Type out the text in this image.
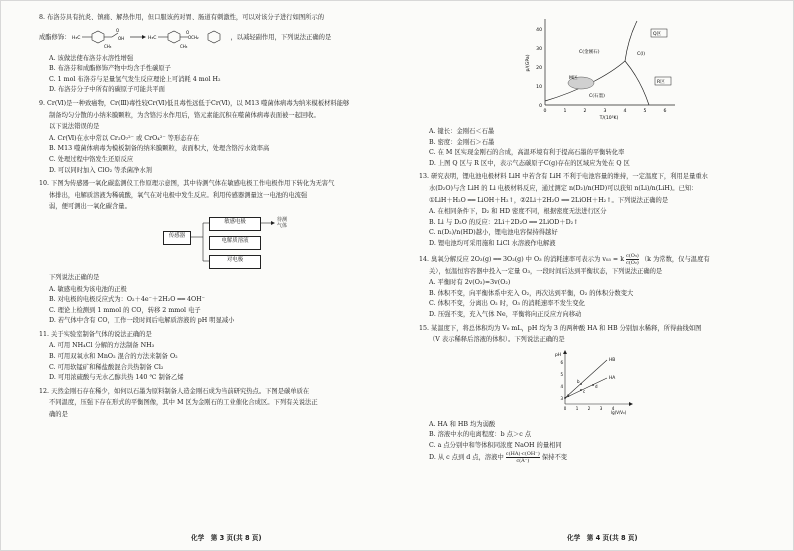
8. 布洛芬具有抗炎、镇痛、解热作用，但口服该药对胃、肠道有刺激性，可以对该分子进行如图所示的

成酯修饰： H₃C
O
OH
CH₃
H₃C
O
OCH₂
CH₃
，以减轻副作用，下列说法正确的是

A. 该做法使布洛芬水溶性增强

B. 布洛芬和成酯修饰产物中均含手性碳原子

C. 1 mol 布洛芬与足量氢气发生反应理论上可消耗 4 mol H₂

D. 布洛芬分子中所有的碳原子可能共平面

9. Cr(Ⅵ)是一种致癌物，Cr(Ⅲ)毒性较Cr(Ⅵ)低且毒性远低于Cr(Ⅵ)，以 M13 噬菌体病毒为纳米模板材料能够

制备均匀分散的小纳米膜颗粒，为含铬污水作用后，铬元素能沉积在噬菌体病毒表面被一起回收。

以下说法错误的是

A. Cr(Ⅵ)在水中常以 Cr₂O₇²⁻ 或 CrO₄²⁻ 等形态存在

B. M13 噬菌体病毒为模板制备的纳米膜颗粒，表面积大，处理含铬污水效率高

C. 处理过程中铬发生还原反应

D. 可以同时加入 ClO₂ 等杀菌净水剂

10. 下图为传感器一氧化碳监测仪工作原理示意图，其中待测气体在敏感电极工作电极作用下转化为无害气

体排出，电解质溶液为稀硫酸，氧气在对电极中发生反应。利用传感器测量这一电池的电流强

弱，便可测出一氧化碳含量。

传感器
敏感电极
电解质溶液
对电极
待测
气体

下列说法正确的是

A. 敏感电极为该电池的正极

B. 对电极的电极反应式为：O₂＋4e⁻＋2H₂O ══ 4OH⁻

C. 理论上检测到 1 mmol 的 CO，转移 2 mmol 电子

D. 若气体中含有 CO，工作一段时间后电解质溶液的 pH 明显减小

11. 关于实验室制备气体的说法正确的是

A. 可用 NH₄Cl 分解的方法制备 NH₃

B. 可用双氧水和 MnO₂ 混合的方法来制备 O₂

C. 可用软锰矿和稀盐酸混合共热制备 Cl₂

D. 可用浓硫酸与无水乙醇共热 140 ℃ 制备乙烯

12. 天然金刚石存在稀少，如何以石墨为原料制备人造金刚石成为当前研究热点。下图是碳单质在

不同温度，压强下存在形式的平衡图像，其中 M 区为金刚石的工业催化合成区。下列有关说法正

确的是

化学　第 3 页(共 8 页)
0
10
20
30
40
0	1	2	3	4	5	6
p/(GPa)
T/(10³K)
C(金刚石)	C(l)
C(石墨)
M区
Q区
R区

A. 键长：金刚石＜石墨

B. 密度：金刚石＞石墨

C. 在 M 区实现金刚石的合成，高温环境有利于提高石墨的平衡转化率

D. 上图 Q 区与 R 区中，表示气态碳原子C(g)存在的区域应为处在 Q 区

13. 研究表明，锂电池电极材料 LiH 中若含有 LiH 不利于电池容量的维持，一定温度下，利用足量重水

水(D₂O)与含 LiH 的 Li 电极材料反应，通过测定 n(D₂)/n(HD)可以获知 n(Li)/n(LiH)。已知：

①LiH＋H₂O ══ LiOH＋H₂↑，②2Li＋2H₂O ══ 2LiOH＋H₂↑。下列说法正确的是

A. 在相同条件下，D₂ 和 HD 密度不同，根据密度无法进行区分

B. Li 与 D₂O 的反应：2Li＋2D₂O ══ 2LiOD＋D₂↑

C. n(D₂)/n(HD)越小，锂电池电容保持得越好

D. 锂电池均可采用施和 LiCl 水溶液作电解液

14. 臭氧分解反应 2O₃(g) ══ 3O₂(g) 中 O₃ 的消耗速率可表示为 v₀₃ = k $\frac{\text{c(O₃)}}{\text{c(O₂)}} (k$ 为常数，仅与温度有

关），恒温恒容容器中投入一定量 O₃，一段时间后达到平衡状态，下列说法正确的是

A. 平衡时有 2v(O₃)=3v(O₂)

B. 体积不变，向平衡体系中充入 O₂，再次达到平衡，O₂ 的体积分数变大

C. 体积不变，分离出 O₂ 时，O₃ 的消耗速率不发生变化

D. 压强不变，充入气体 Ne，平衡将向正反应方向移动

15. 某温度下，将总体积均为 V₀ mL，pH 均为 3 的两种酸 HA 和 HB 分别加水稀释，所得曲线如图

（V 表示稀释后溶液的体积）。下列说法正确的是

pH
lg(V/V₀)
3
4
5
6
0 1 2 3 4
HB
HA
a
b
c
d

A. HA 和 HB 均为弱酸

B. 溶液中水的电离程度：b 点＞c 点

C. a 点分别中和等体积同浓度 NaOH 的量相同

D. 从 c 点到 d 点，溶液中 $\frac{c(HA)\cdot c(OH^-)}{c(A^-)}$ 保持不变

化学　第 4 页(共 8 页)
